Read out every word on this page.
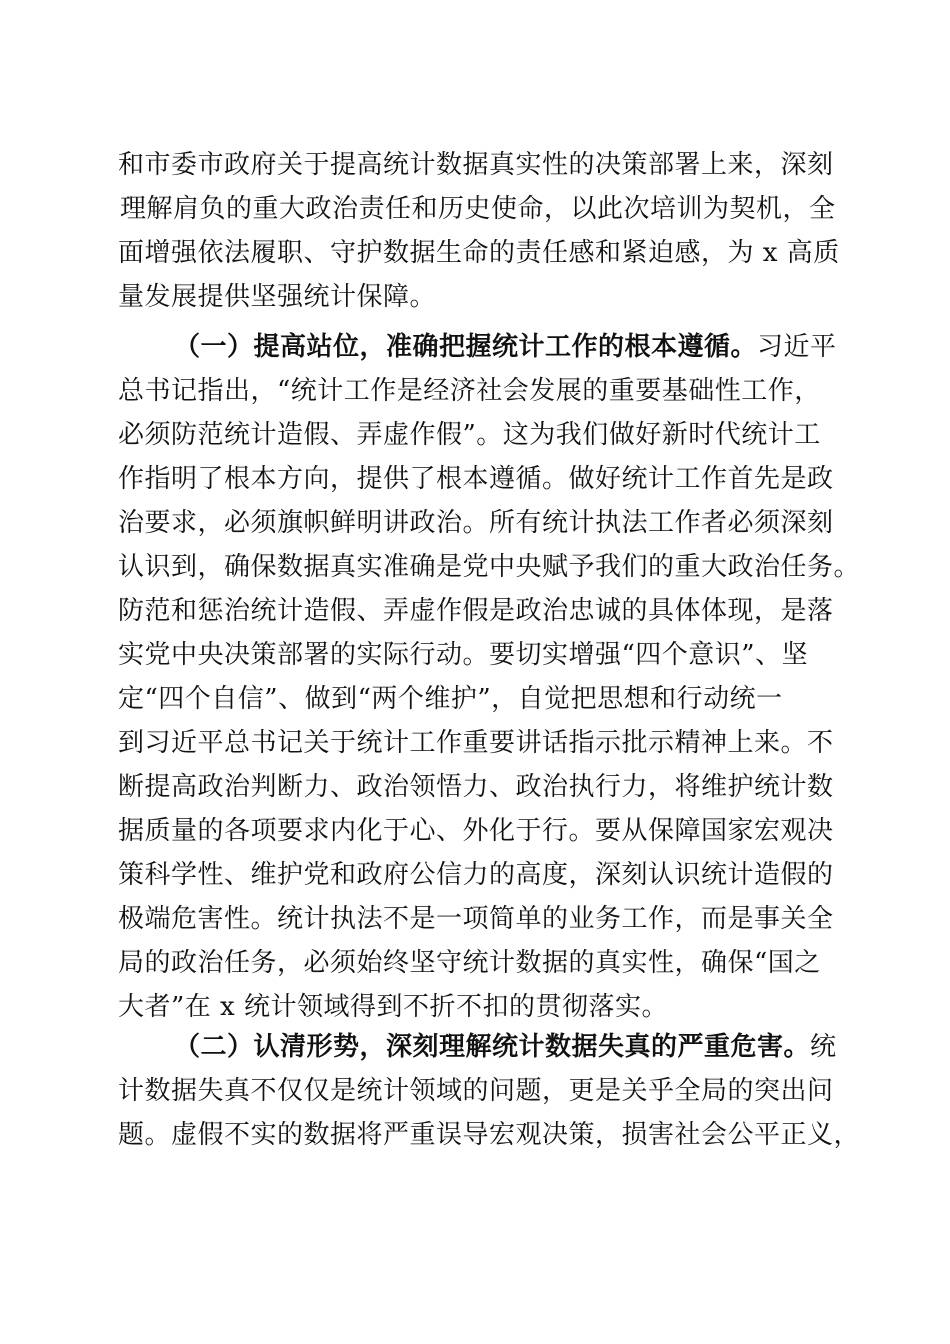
和市委市政府关于提高统计数据真实性的决策部署上来，深刻
理解肩负的重大政治责任和历史使命，以此次培训为契机，全
面增强依法履职、守护数据生命的责任感和紧迫感，为 x 高质
量发展提供坚强统计保障。
（一）提高站位，准确把握统计工作的根本遵循。习近平
总书记指出，“统计工作是经济社会发展的重要基础性工作，
必须防范统计造假、弄虚作假”。这为我们做好新时代统计工
作指明了根本方向，提供了根本遵循。做好统计工作首先是政
治要求，必须旗帜鲜明讲政治。所有统计执法工作者必须深刻
认识到，确保数据真实准确是党中央赋予我们的重大政治任务。
防范和惩治统计造假、弄虚作假是政治忠诚的具体体现，是落
实党中央决策部署的实际行动。要切实增强“四个意识”、坚
定“四个自信”、做到“两个维护”，自觉把思想和行动统一
到习近平总书记关于统计工作重要讲话指示批示精神上来。不
断提高政治判断力、政治领悟力、政治执行力，将维护统计数
据质量的各项要求内化于心、外化于行。要从保障国家宏观决
策科学性、维护党和政府公信力的高度，深刻认识统计造假的
极端危害性。统计执法不是一项简单的业务工作，而是事关全
局的政治任务，必须始终坚守统计数据的真实性，确保“国之
大者”在 x 统计领域得到不折不扣的贯彻落实。
（二）认清形势，深刻理解统计数据失真的严重危害。统
计数据失真不仅仅是统计领域的问题，更是关乎全局的突出问
题。虚假不实的数据将严重误导宏观决策，损害社会公平正义，
